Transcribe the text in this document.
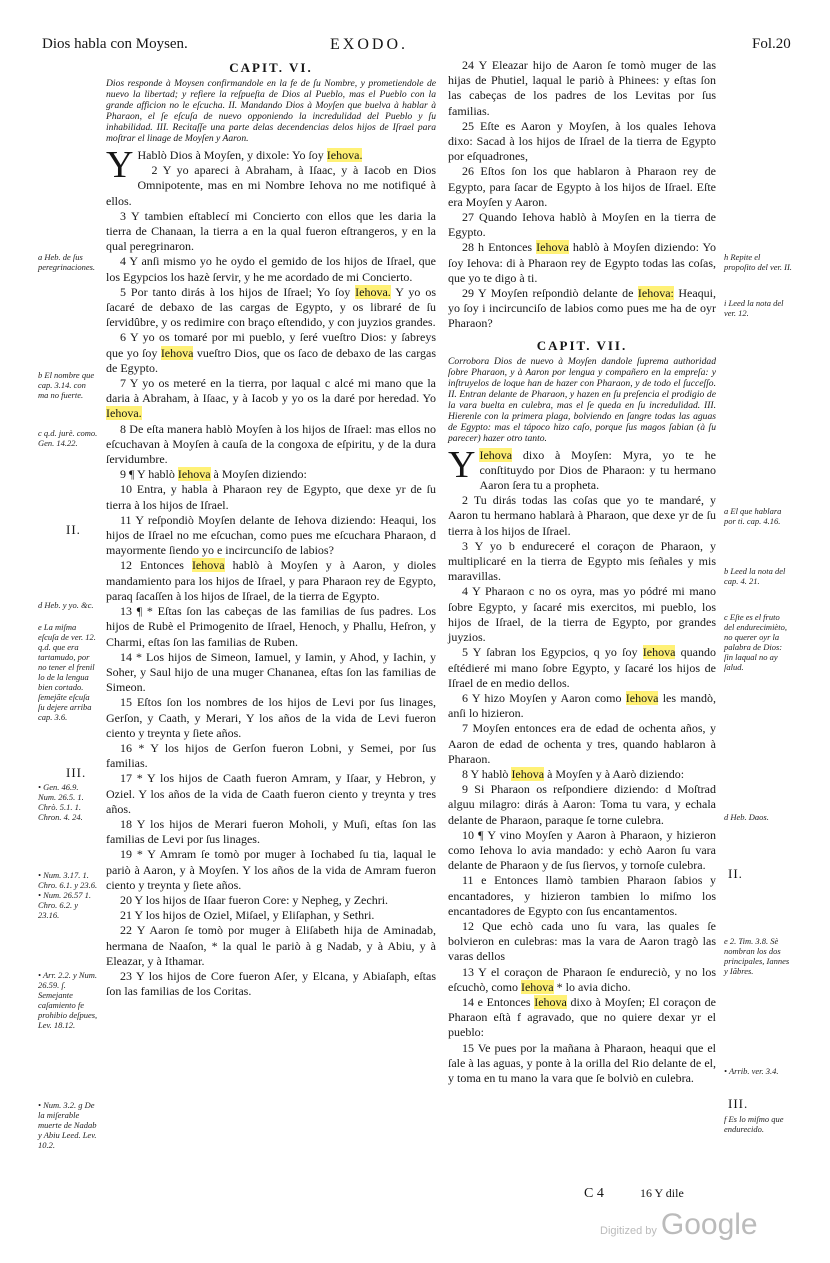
Dios habla con Moysen.	EXODO.	Fol.20
CAPIT. VI.

Dios responde à Moysen confirmandole en la fe de ſu Nombre, y prometiendole de nuevo la libertad; y refiere la reſpueſta de Dios al Pueblo, mas el Pueblo con la grande afficion no le eſcucha. II. Mandando Dios à Moyſen que buelva à hablar à Pharaon, el ſe eſcuſa de nuevo opponiendo la incredulidad del Pueblo y ſu inhabilidad. III. Recitaſſe una parte delas decendencias delos hijos de Iſrael para moſtrar el linage de Moyſen y Aaron.

Y Hablò Dios à Moyſen, y dixole: Yo ſoy Iehova.

2 Y yo apareci à Abraham, à Iſaac, y à Iacob en Dios Omnipotente, mas en mi Nombre Iehova no me notifiqué à ellos.

3 Y tambien eſtablecí mi Concierto con ellos que les daria la tierra de Chanaan, la tierra a en la qual fueron eſtrangeros, y en la qual peregrinaron.

4 Y anſi mismo yo he oydo el gemido de los hijos de Iſrael, que los Egypcios los hazè ſervir, y he me acordado de mi Concierto.

5 Por tanto dirás à los hijos de Iſrael; Yo ſoy Iehova. Y yo os ſacaré de debaxo de las cargas de Egypto, y os libraré de ſu ſervidûbre, y os redimire con braço eſtendido, y con juyzios grandes.

6 Y yo os tomaré por mi pueblo, y ſeré vueſtro Dios: y ſabreys que yo ſoy Iehova vueſtro Dios, que os ſaco de debaxo de las cargas de Egypto.

7 Y yo os meteré en la tierra, por laqual c alcé mi mano que la daria à Abraham, à Iſaac, y à Iacob y yo os la daré por heredad. Yo Iehova.

8 De eſta manera hablò Moyſen à los hijos de Iſrael: mas ellos no eſcuchavan à Moyſen à cauſa de la congoxa de eſpiritu, y de la dura ſervidumbre.

9 ¶ Y hablò Iehova à Moyſen diziendo:

10 Entra, y habla à Pharaon rey de Egypto, que dexe yr de ſu tierra à los hijos de Iſrael.

11 Y reſpondiò Moyſen delante de Iehova diziendo: Heaqui, los hijos de Iſrael no me eſcuchan, como pues me eſcuchara Pharaon, d mayormente ſiendo yo e incircunciſo de labios?

12 Entonces Iehova hablò à Moyſen y à Aaron, y dioles mandamiento para los hijos de Iſrael, y para Pharaon rey de Egypto, paraq ſacaſſen à los hijos de Iſrael, de la tierra de Egypto.

13 ¶ * Eſtas ſon las cabeças de las familias de ſus padres. Los hijos de Rubè el Primogenito de Iſrael, Henoch, y Phallu, Heſron, y Charmi, eſtas ſon las familias de Ruben.

14 * Los hijos de Simeon, Iamuel, y Iamin, y Ahod, y Iachin, y Soher, y Saul hijo de una muger Chananea, eſtas ſon las familias de Simeon.

15 Eſtos ſon los nombres de los hijos de Levi por ſus linages, Gerſon, y Caath, y Merari, Y los años de la vida de Levi fueron ciento y treynta y ſiete años.

16 * Y los hijos de Gerſon fueron Lobni, y Semei, por ſus familias.

17 * Y los hijos de Caath fueron Amram, y Iſaar, y Hebron, y Oziel. Y los años de la vida de Caath fueron ciento y treynta y tres años.

18 Y los hijos de Merari fueron Moholi, y Muſi, eſtas ſon las familias de Levi por ſus linages.

19 * Y Amram ſe tomò por muger à Iochabed ſu tia, laqual le pariò à Aaron, y à Moyſen. Y los años de la vida de Amram fueron ciento y treynta y ſiete años.

20 Y los hijos de Iſaar fueron Core: y Nepheg, y Zechri.

21 Y los hijos de Oziel, Miſael, y Eliſaphan, y Sethri.

22 Y Aaron ſe tomò por muger à Eliſabeth hija de Aminadab, hermana de Naaſon, * la qual le pariò à g Nadab, y à Abiu, y à Eleazar, y à Ithamar.

23 Y los hijos de Core fueron Aſer, y Elcana, y Abiaſaph, eſtas ſon las familias de los Coritas.

24 Y Eleazar hijo de Aaron ſe tomò muger de las hijas de Phutiel, laqual le pariò à Phinees: y eſtas ſon las cabeças de los padres de los Levitas por ſus familias.

25 Eſte es Aaron y Moyſen, à los quales Iehova dixo: Sacad à los hijos de Iſrael de la tierra de Egypto por eſquadrones,

26 Eſtos ſon los que hablaron à Pharaon rey de Egypto, para ſacar de Egypto à los hijos de Iſrael. Eſte era Moyſen y Aaron.

27 Quando Iehova hablò à Moyſen en la tierra de Egypto.

28 h Entonces Iehova hablò à Moyſen diziendo: Yo ſoy Iehova: di à Pharaon rey de Egypto todas las coſas, que yo te digo à ti.

29 Y Moyſen reſpondiò delante de Iehova: Heaqui, yo ſoy i incircunciſo de labios como pues me ha de oyr Pharaon?

CAPIT. VII.

Corrobora Dios de nuevo à Moyſen dandole ſuprema authoridad ſobre Pharaon, y à Aaron por lengua y compañero en la empreſa: y inſtruyelos de loque han de hazer con Pharaon, y de todo el ſucceſſo. II. Entran delante de Pharaon, y hazen en ſu preſencia el prodigio de la vara buelta en culebra, mas el ſe queda en ſu incredulidad. III. Hierenle con la primera plaga, bolviendo en ſangre todas las aguas de Egypto: mas el tápoco hizo caſo, porque ſus magos ſabian (à ſu parecer) hazer otro tanto.

Y Iehova dixo à Moyſen: Myra, yo te he conſtituydo por Dios de Pharaon: y tu hermano Aaron ſera tu a propheta.

2 Tu dirás todas las coſas que yo te mandaré, y Aaron tu hermano hablarà à Pharaon, que dexe yr de ſu tierra à los hijos de Iſrael.

3 Y yo b endureceré el coraçon de Pharaon, y multiplicaré en la tierra de Egypto mis ſeñales y mis maravillas.

4 Y Pharaon c no os oyra, mas yo pódré mi mano ſobre Egypto, y ſacaré mis exercitos, mi pueblo, los hijos de Iſrael, de la tierra de Egypto, por grandes juyzios.

5 Y ſabran los Egypcios, q yo ſoy Iehova quando eſtédieré mi mano ſobre Egypto, y ſacaré los hijos de Iſrael de en medio dellos.

6 Y hizo Moyſen y Aaron como Iehova les mandò, anſi lo hizieron.

7 Moyſen entonces era de edad de ochenta años, y Aaron de edad de ochenta y tres, quando hablaron à Pharaon.

8 Y hablò Iehova à Moyſen y à Aarò diziendo:

9 Si Pharaon os reſpondiere diziendo: d Moſtrad alguu milagro: dirás à Aaron: Toma tu vara, y echala delante de Pharaon, paraque ſe torne culebra.

10 ¶ Y vino Moyſen y Aaron à Pharaon, y hizieron como Iehova lo avia mandado: y echò Aaron ſu vara delante de Pharaon y de ſus ſiervos, y tornoſe culebra.

11 e Entonces llamò tambien Pharaon ſabios y encantadores, y hizieron tambien lo miſmo los encantadores de Egypto con ſus encantamentos.

12 Que echò cada uno ſu vara, las quales ſe bolvieron en culebras: mas la vara de Aaron tragò las varas dellos

13 Y el coraçon de Pharaon ſe endureciò, y no los eſcuchò, como Iehova * lo avia dicho.

14 e Entonces Iehova dixo à Moyſen; El coraçon de Pharaon eſtà f agravado, que no quiere dexar yr el pueblo:

15 Ve pues por la mañana à Pharaon, heaqui que el ſale à las aguas, y ponte à la orilla del Rio delante de el, y toma en tu mano la vara que ſe bolviò en culebra.

II.
III.
II.
III.
a Heb. de ſus peregrinaciones.
b El nombre que cap. 3.14. con ma no fuerte.
c q.d. jurè. como. Gen. 14.22.
d Heb. y yo. &c.
e La miſma eſcuſa de ver. 12. q.d. que era tartamudo, por no tener el frenil lo de la lengua bien cortado. ſemejãte eſcuſa ſu dejere arriba cap. 3.6.
• Gen. 46.9. Num. 26.5. 1. Chrò. 5.1. 1. Chron. 4. 24.
• Num. 3.17. 1. Chro. 6.1. y 23.6. • Num. 26.57 1. Chro. 6.2. y 23.16.
• Arr. 2.2. y Num. 26.59. ſ. Semejante caſamiento fe prohibio deſpues, Lev. 18.12.
• Num. 3.2. g De la miſerable muerte de Nadab y Abiu Leed. Lev. 10.2.
h Repite el propoſito del ver. II.
i Leed la nota del ver. 12.
a El que hablara por ti. cap. 4.16.
b Leed la nota del cap. 4. 21.
c Eſte es el fruto del endurecimièto, no querer oyr la palabra de Dios: ſin laqual no ay ſalud.
d Heb. Daos.
e 2. Tim. 3.8. Sè nombran los dos principales, Iannes y Iãbres.
• Arrib. ver. 3.4.
f Es lo miſmo que endurecido.
C 4	16 Y dile
Digitized by Google
